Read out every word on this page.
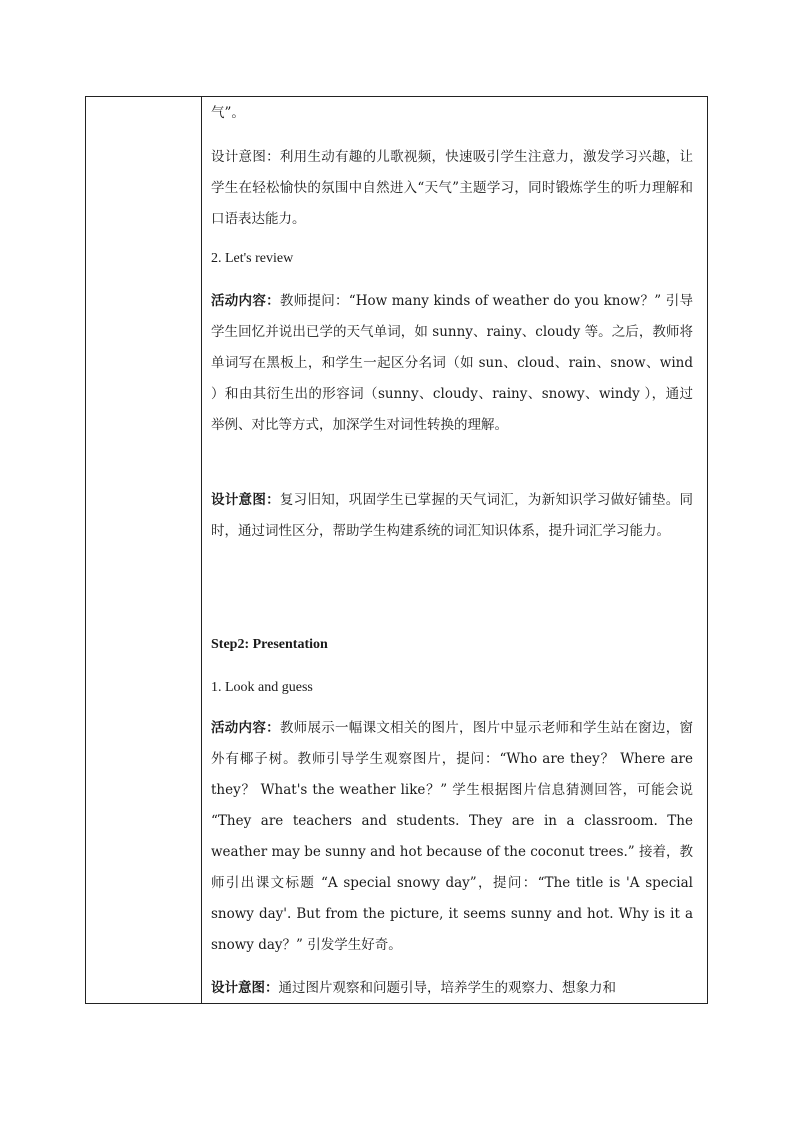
气”。

设计意图：利用生动有趣的儿歌视频，快速吸引学生注意力，激发学习兴趣，让学生在轻松愉快的氛围中自然进入“天气”主题学习，同时锻炼学生的听力理解和口语表达能力。

2. Let's review

活动内容：教师提问：“How many kinds of weather do you know？” 引导学生回忆并说出已学的天气单词，如 sunny、rainy、cloudy 等。之后，教师将单词写在黑板上，和学生一起区分名词（如 sun、cloud、rain、snow、wind ）和由其衍生出的形容词（sunny、cloudy、rainy、snowy、windy ），通过举例、对比等方式，加深学生对词性转换的理解。

设计意图：复习旧知，巩固学生已掌握的天气词汇，为新知识学习做好铺垫。同时，通过词性区分，帮助学生构建系统的词汇知识体系，提升词汇学习能力。

Step2: Presentation

1. Look and guess

活动内容：教师展示一幅课文相关的图片，图片中显示老师和学生站在窗边，窗外有椰子树。教师引导学生观察图片，提问：“Who are they？ Where are they？ What's the weather like？” 学生根据图片信息猜测回答，可能会说 “They are teachers and students. They are in a classroom. The weather may be sunny and hot because of the coconut trees.” 接着，教师引出课文标题 “A special snowy day”，提问：“The title is 'A special snowy day'. But from the picture, it seems sunny and hot. Why is it a snowy day？” 引发学生好奇。

设计意图：通过图片观察和问题引导，培养学生的观察力、想象力和
